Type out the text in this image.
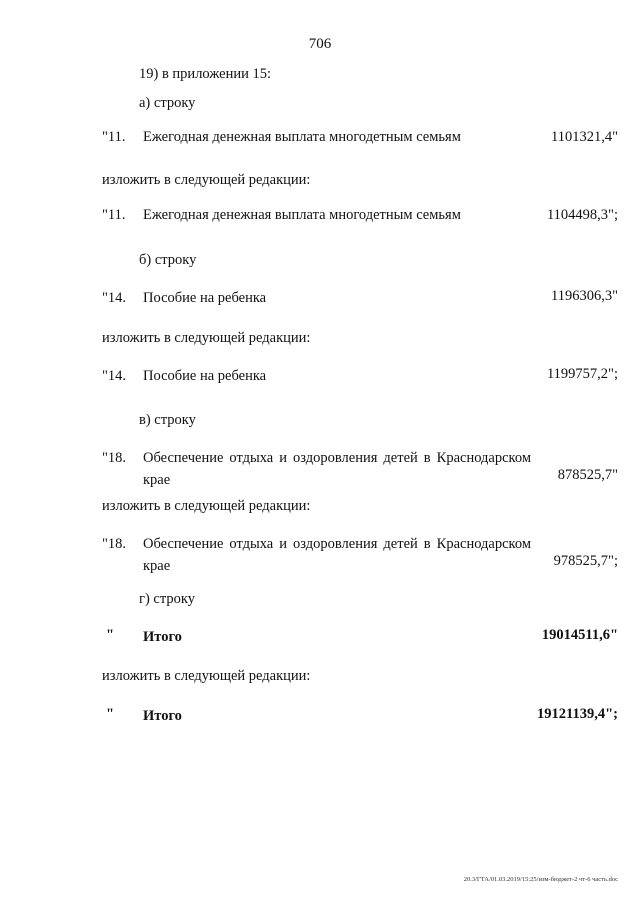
706
19) в приложении 15:
а) строку
"11. Ежегодная денежная выплата многодетным семьям	1101321,4"
изложить в следующей редакции:
"11. Ежегодная денежная выплата многодетным семьям	1104498,3";
б) строку
"14. Пособие на ребенка	1196306,3"
изложить в следующей редакции:
"14. Пособие на ребенка	1199757,2";
в) строку
"18. Обеспечение отдыха и оздоровления детей в Краснодарском крае	878525,7"
изложить в следующей редакции:
"18. Обеспечение отдыха и оздоровления детей в Краснодарском крае	978525,7";
г) строку
" Итого	19014511,6"
изложить в следующей редакции:
" Итого	19121139,4";
20.3/ГТА/01.03.2019/15:25/изм-бюджет-2 чт-6 часть.doc
